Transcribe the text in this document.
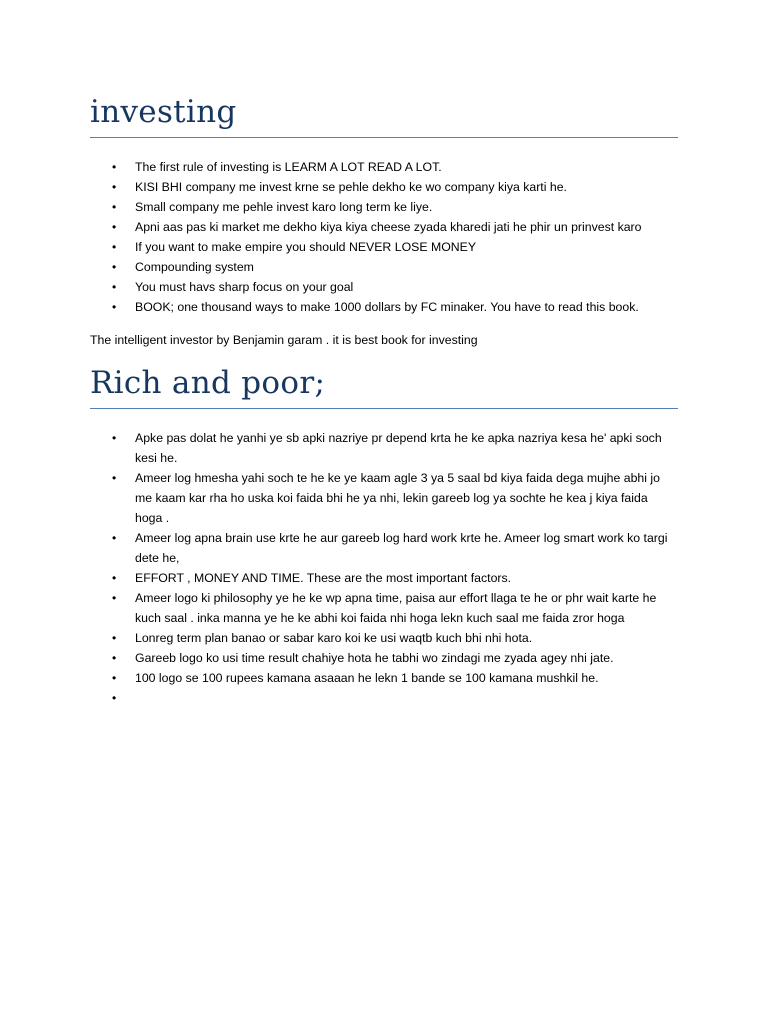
investing
• The first rule of investing is LEARM A LOT READ A LOT.
• KISI BHI company me invest krne se pehle dekho ke wo company kiya karti he.
• Small company me pehle invest karo long term ke liye.
• Apni aas pas ki market me dekho kiya kiya cheese zyada kharedi jati he phir un prinvest karo
• If you want to make empire you should NEVER LOSE MONEY
• Compounding system
• You must havs sharp focus on your goal
• BOOK; one thousand ways to make 1000 dollars by FC minaker. You have to read this book.

The intelligent investor by Benjamin garam . it is best book for investing

Rich and poor;
• Apke pas dolat he yanhi ye sb apki nazriye pr depend krta he ke apka nazriya kesa he' apki soch kesi he.
• Ameer log hmesha yahi soch te he ke ye kaam agle 3 ya 5 saal bd kiya faida dega mujhe abhi jo me kaam kar rha ho uska koi faida bhi he ya nhi, lekin gareeb log ya sochte he kea j kiya faida hoga .
• Ameer log apna brain use krte he aur gareeb log hard work krte he. Ameer log smart work ko targi dete he,
• EFFORT , MONEY AND TIME. These are the most important factors.
• Ameer logo ki philosophy ye he ke wp apna time, paisa aur effort llaga te he or phr wait karte he kuch saal . inka manna ye he ke abhi koi faida nhi hoga lekn kuch saal me faida zror hoga
• Lonreg term plan banao or sabar karo koi ke usi waqtb kuch bhi nhi hota.
• Gareeb logo ko usi time result chahiye hota he tabhi wo zindagi me zyada agey nhi jate.
• 100 logo se 100 rupees kamana asaaan he lekn 1 bande se 100 kamana mushkil he.
•
